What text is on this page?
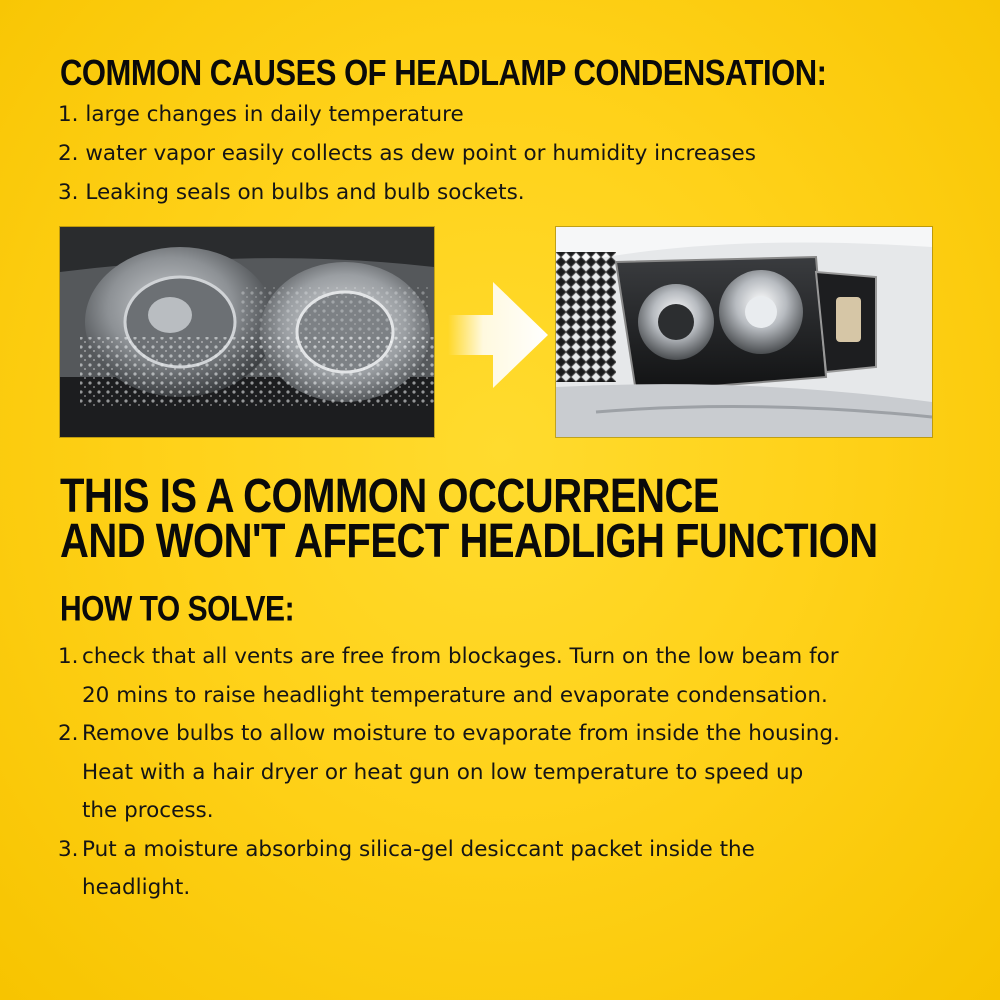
COMMON CAUSES OF HEADLAMP CONDENSATION:
1. large changes in daily temperature
2. water vapor easily collects as dew point or humidity increases
3. Leaking seals on bulbs and bulb sockets.
THIS IS A COMMON OCCURRENCE
AND WON'T AFFECT HEADLIGH FUNCTION
HOW TO SOLVE:
1. check that all vents are free from blockages. Turn on the low beam for 20 mins to raise headlight temperature and evaporate condensation.
2. Remove bulbs to allow moisture to evaporate from inside the housing. Heat with a hair dryer or heat gun on low temperature to speed up the process.
3. Put a moisture absorbing silica-gel desiccant packet inside the headlight.
